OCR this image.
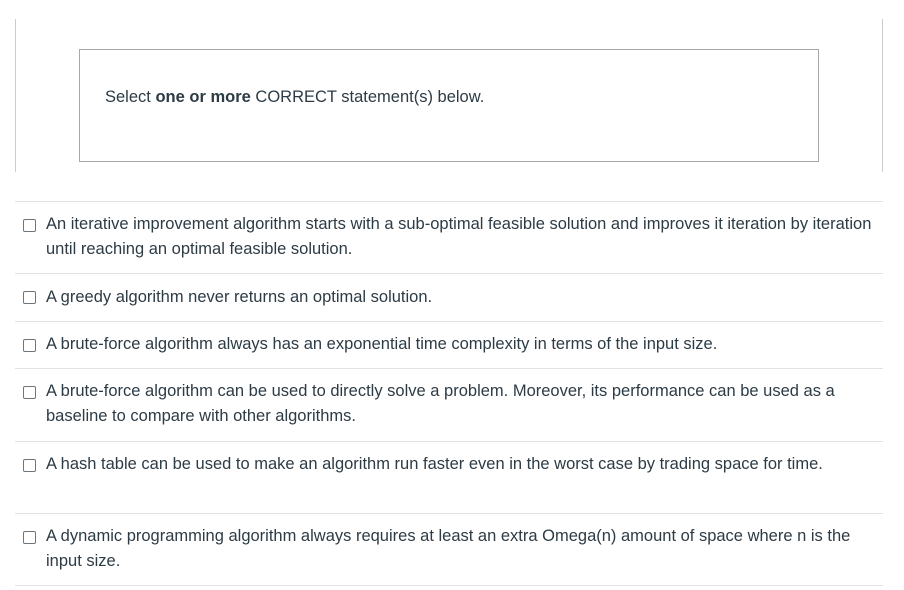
Select one or more CORRECT statement(s) below.
An iterative improvement algorithm starts with a sub-optimal feasible solution and improves it iteration by iteration until reaching an optimal feasible solution.
A greedy algorithm never returns an optimal solution.
A brute-force algorithm always has an exponential time complexity in terms of the input size.
A brute-force algorithm can be used to directly solve a problem. Moreover, its performance can be used as a baseline to compare with other algorithms.
A hash table can be used to make an algorithm run faster even in the worst case by trading space for time.
A dynamic programming algorithm always requires at least an extra Omega(n) amount of space where n is the input size.
